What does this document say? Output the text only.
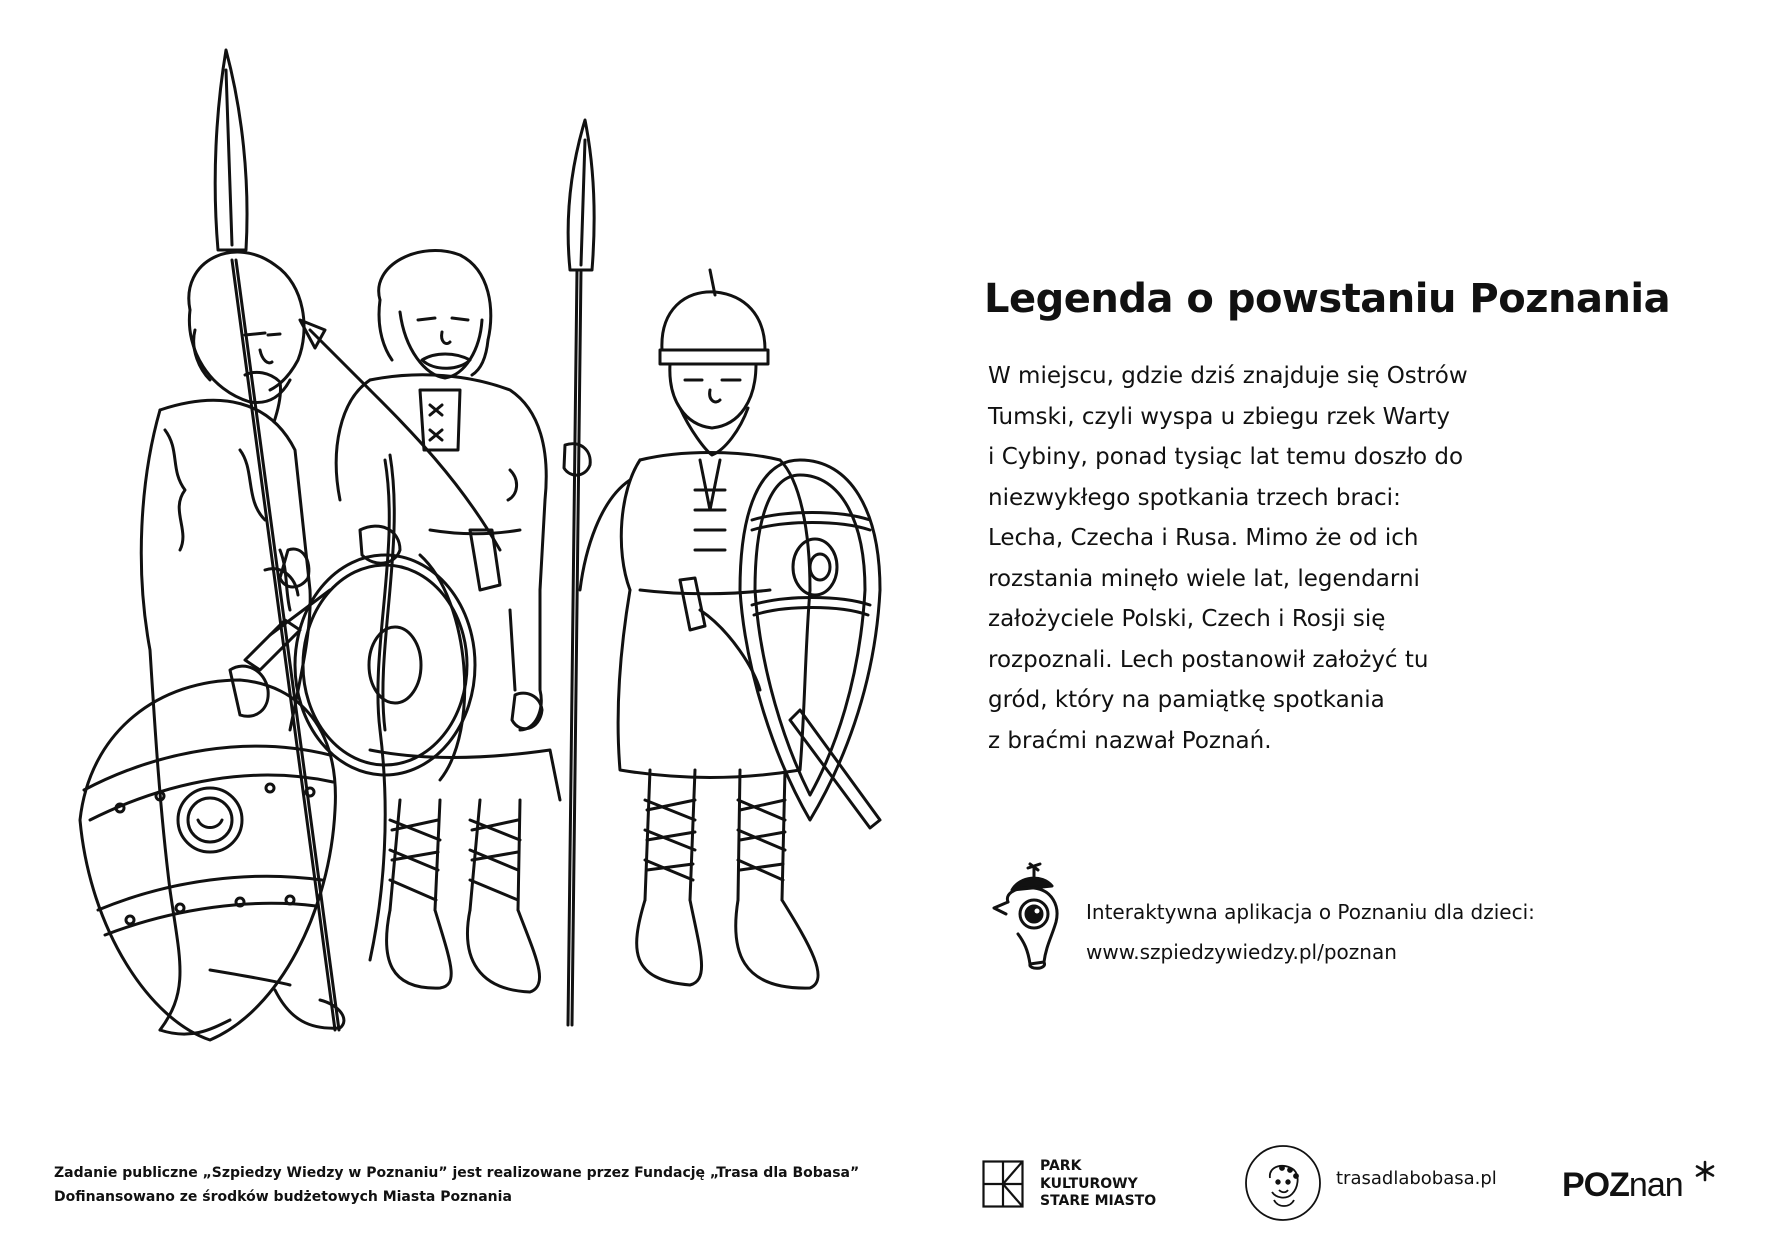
Legenda o powstaniu Poznania
W miejscu, gdzie dziś znajduje się Ostrów
Tumski, czyli wyspa u zbiegu rzek Warty
i Cybiny, ponad tysiąc lat temu doszło do
niezwykłego spotkania trzech braci:
Lecha, Czecha i Rusa. Mimo że od ich
rozstania minęło wiele lat, legendarni
założyciele Polski, Czech i Rosji się
rozpoznali. Lech postanowił założyć tu
gród, który na pamiątkę spotkania
z braćmi nazwał Poznań.
Interaktywna aplikacja o Poznaniu dla dzieci:
www.szpiedzywiedzy.pl/poznan
Zadanie publiczne „Szpiedzy Wiedzy w Poznaniu” jest realizowane przez Fundację „Trasa dla Bobasa”
Dofinansowano ze środków budżetowych Miasta Poznania
PARK
KULTUROWY
STARE MIASTO
trasadlabobasa.pl POZnan
